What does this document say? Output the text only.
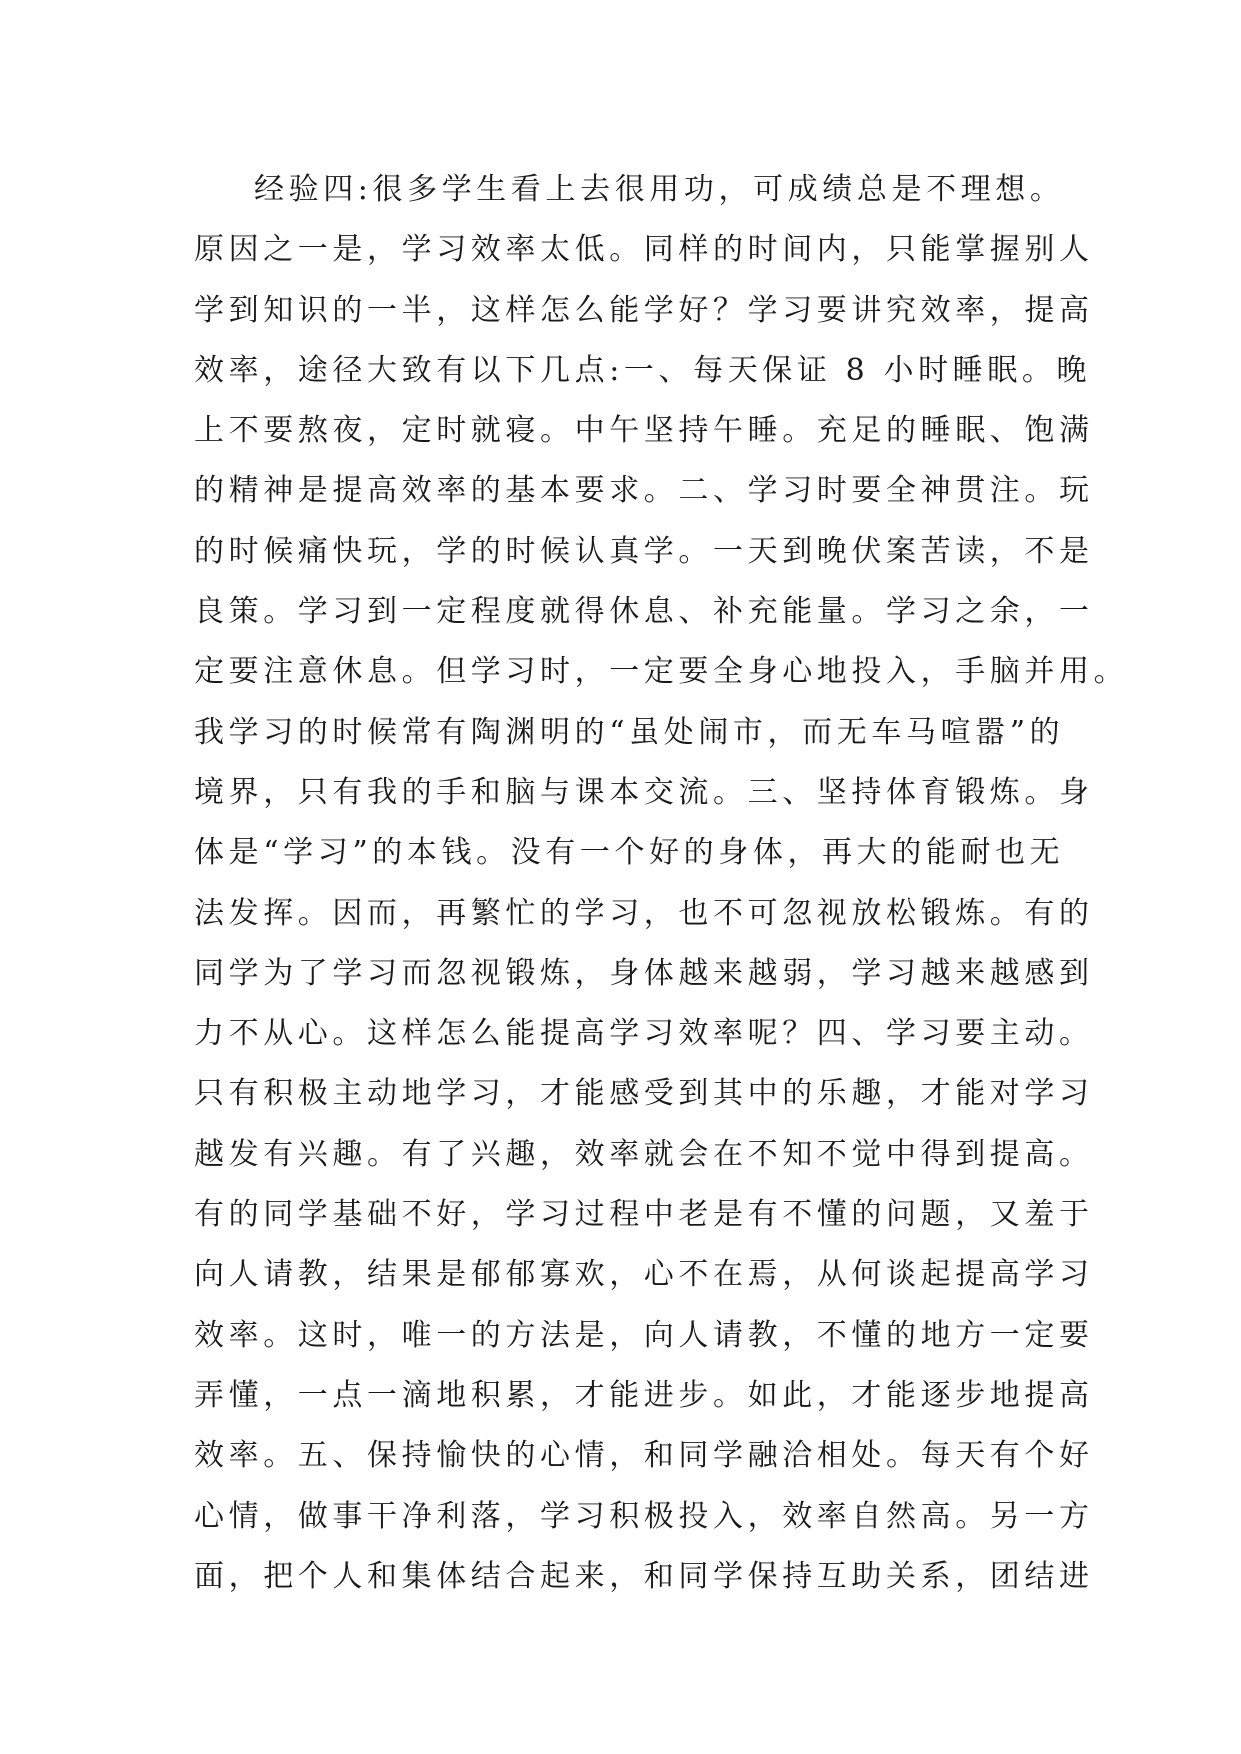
经验四:很多学生看上去很用功，可成绩总是不理想。
原因之一是，学习效率太低。同样的时间内，只能掌握别人
学到知识的一半，这样怎么能学好？学习要讲究效率，提高
效率，途径大致有以下几点:一、每天保证 8 小时睡眠。晚
上不要熬夜，定时就寝。中午坚持午睡。充足的睡眠、饱满
的精神是提高效率的基本要求。二、学习时要全神贯注。玩
的时候痛快玩，学的时候认真学。一天到晚伏案苦读，不是
良策。学习到一定程度就得休息、补充能量。学习之余，一
定要注意休息。但学习时，一定要全身心地投入，手脑并用。
我学习的时候常有陶渊明的“虽处闹市，而无车马喧嚣”的
境界，只有我的手和脑与课本交流。三、坚持体育锻炼。身
体是“学习”的本钱。没有一个好的身体，再大的能耐也无
法发挥。因而，再繁忙的学习，也不可忽视放松锻炼。有的
同学为了学习而忽视锻炼，身体越来越弱，学习越来越感到
力不从心。这样怎么能提高学习效率呢？四、学习要主动。
只有积极主动地学习，才能感受到其中的乐趣，才能对学习
越发有兴趣。有了兴趣，效率就会在不知不觉中得到提高。
有的同学基础不好，学习过程中老是有不懂的问题，又羞于
向人请教，结果是郁郁寡欢，心不在焉，从何谈起提高学习
效率。这时，唯一的方法是，向人请教，不懂的地方一定要
弄懂，一点一滴地积累，才能进步。如此，才能逐步地提高
效率。五、保持愉快的心情，和同学融洽相处。每天有个好
心情，做事干净利落，学习积极投入，效率自然高。另一方
面，把个人和集体结合起来，和同学保持互助关系，团结进
